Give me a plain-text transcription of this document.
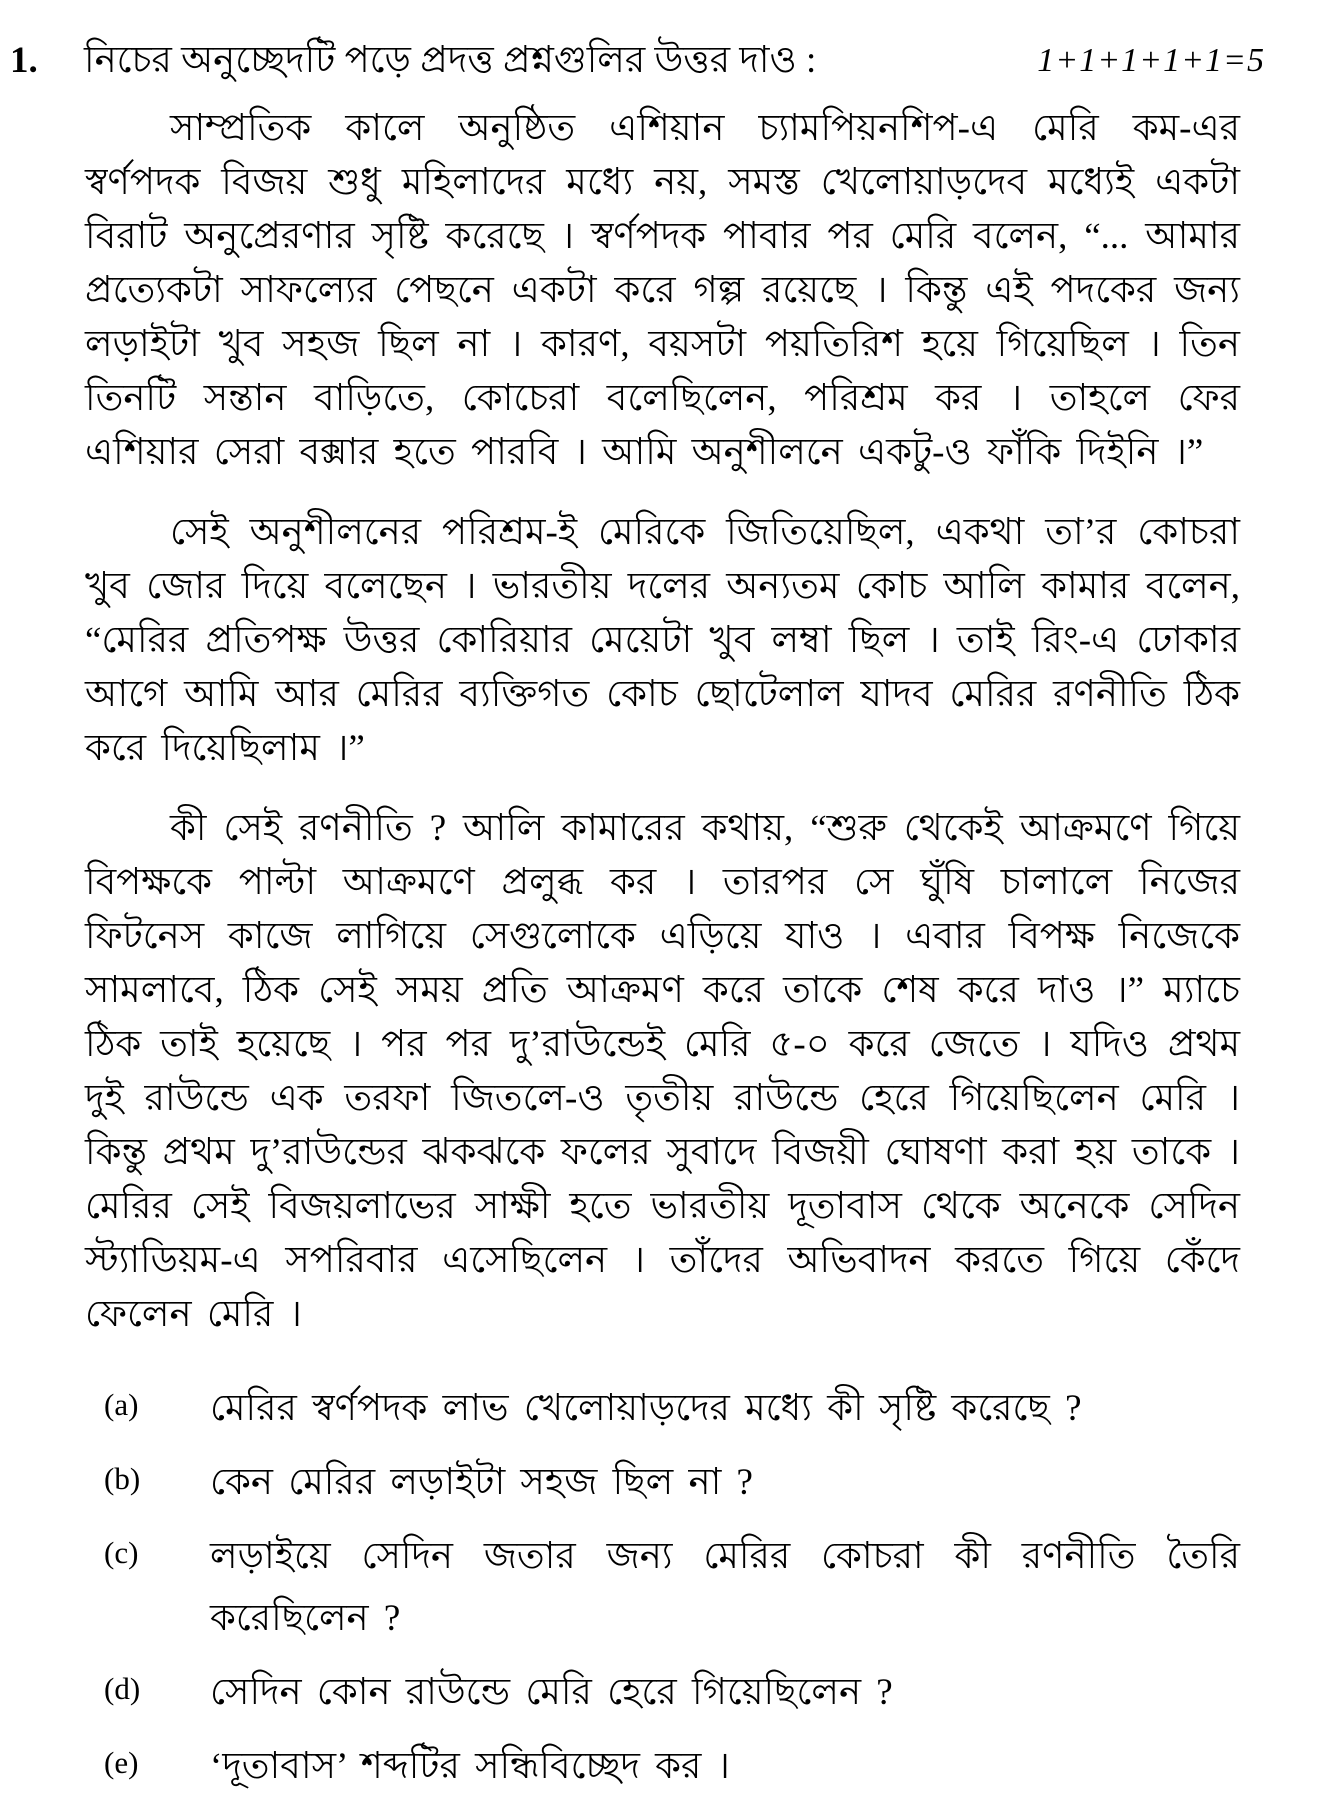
1.	নিচের অনুচ্ছেদটি পড়ে প্রদত্ত প্রশ্নগুলির উত্তর দাও :	1+1+1+1+1=5

সাম্প্রতিক কালে অনুষ্ঠিত এশিয়ান চ্যামপিয়নশিপ-এ মেরি কম-এর স্বর্ণপদক বিজয় শুধু মহিলাদের মধ্যে নয়, সমস্ত খেলোয়াড়দেব মধ্যেই একটা বিরাট অনুপ্রেরণার সৃষ্টি করেছে । স্বর্ণপদক পাবার পর মেরি বলেন, “... আমার প্রত্যেকটা সাফল্যের পেছনে একটা করে গল্প রয়েছে । কিন্তু এই পদকের জন্য লড়াইটা খুব সহজ ছিল না । কারণ, বয়সটা পয়তিরিশ হয়ে গিয়েছিল । তিন তিনটি সন্তান বাড়িতে, কোচেরা বলেছিলেন, পরিশ্রম কর । তাহলে ফের এশিয়ার সেরা বক্সার হতে পারবি । আমি অনুশীলনে একটু-ও ফাঁকি দিইনি ।”

সেই অনুশীলনের পরিশ্রম-ই মেরিকে জিতিয়েছিল, একথা তা’র কোচরা খুব জোর দিয়ে বলেছেন । ভারতীয় দলের অন্যতম কোচ আলি কামার বলেন, “মেরির প্রতিপক্ষ উত্তর কোরিয়ার মেয়েটা খুব লম্বা ছিল । তাই রিং-এ ঢোকার আগে আমি আর মেরির ব্যক্তিগত কোচ ছোটেলাল যাদব মেরির রণনীতি ঠিক করে দিয়েছিলাম ।”

কী সেই রণনীতি ? আলি কামারের কথায়, “শুরু থেকেই আক্রমণে গিয়ে বিপক্ষকে পাল্টা আক্রমণে প্রলুব্ধ কর । তারপর সে ঘুঁষি চালালে নিজের ফিটনেস কাজে লাগিয়ে সেগুলোকে এড়িয়ে যাও । এবার বিপক্ষ নিজেকে সামলাবে, ঠিক সেই সময় প্রতি আক্রমণ করে তাকে শেষ করে দাও ।” ম্যাচে ঠিক তাই হয়েছে । পর পর দু’রাউন্ডেই মেরি ৫-০ করে জেতে । যদিও প্রথম দুই রাউন্ডে এক তরফা জিতলে-ও তৃতীয় রাউন্ডে হেরে গিয়েছিলেন মেরি । কিন্তু প্রথম দু’রাউন্ডের ঝকঝকে ফলের সুবাদে বিজয়ী ঘোষণা করা হয় তাকে । মেরির সেই বিজয়লাভের সাক্ষী হতে ভারতীয় দূতাবাস থেকে অনেকে সেদিন স্ট্যাডিয়ম-এ সপরিবার এসেছিলেন । তাঁদের অভিবাদন করতে গিয়ে কেঁদে ফেলেন মেরি ।

(a)	মেরির স্বর্ণপদক লাভ খেলোয়াড়দের মধ্যে কী সৃষ্টি করেছে ?
(b)	কেন মেরির লড়াইটা সহজ ছিল না ?
(c)	লড়াইয়ে সেদিন জতার জন্য মেরির কোচরা কী রণনীতি তৈরি করেছিলেন ?
(d)	সেদিন কোন রাউন্ডে মেরি হেরে গিয়েছিলেন ?
(e)	‘দূতাবাস’ শব্দটির সন্ধিবিচ্ছেদ কর ।
